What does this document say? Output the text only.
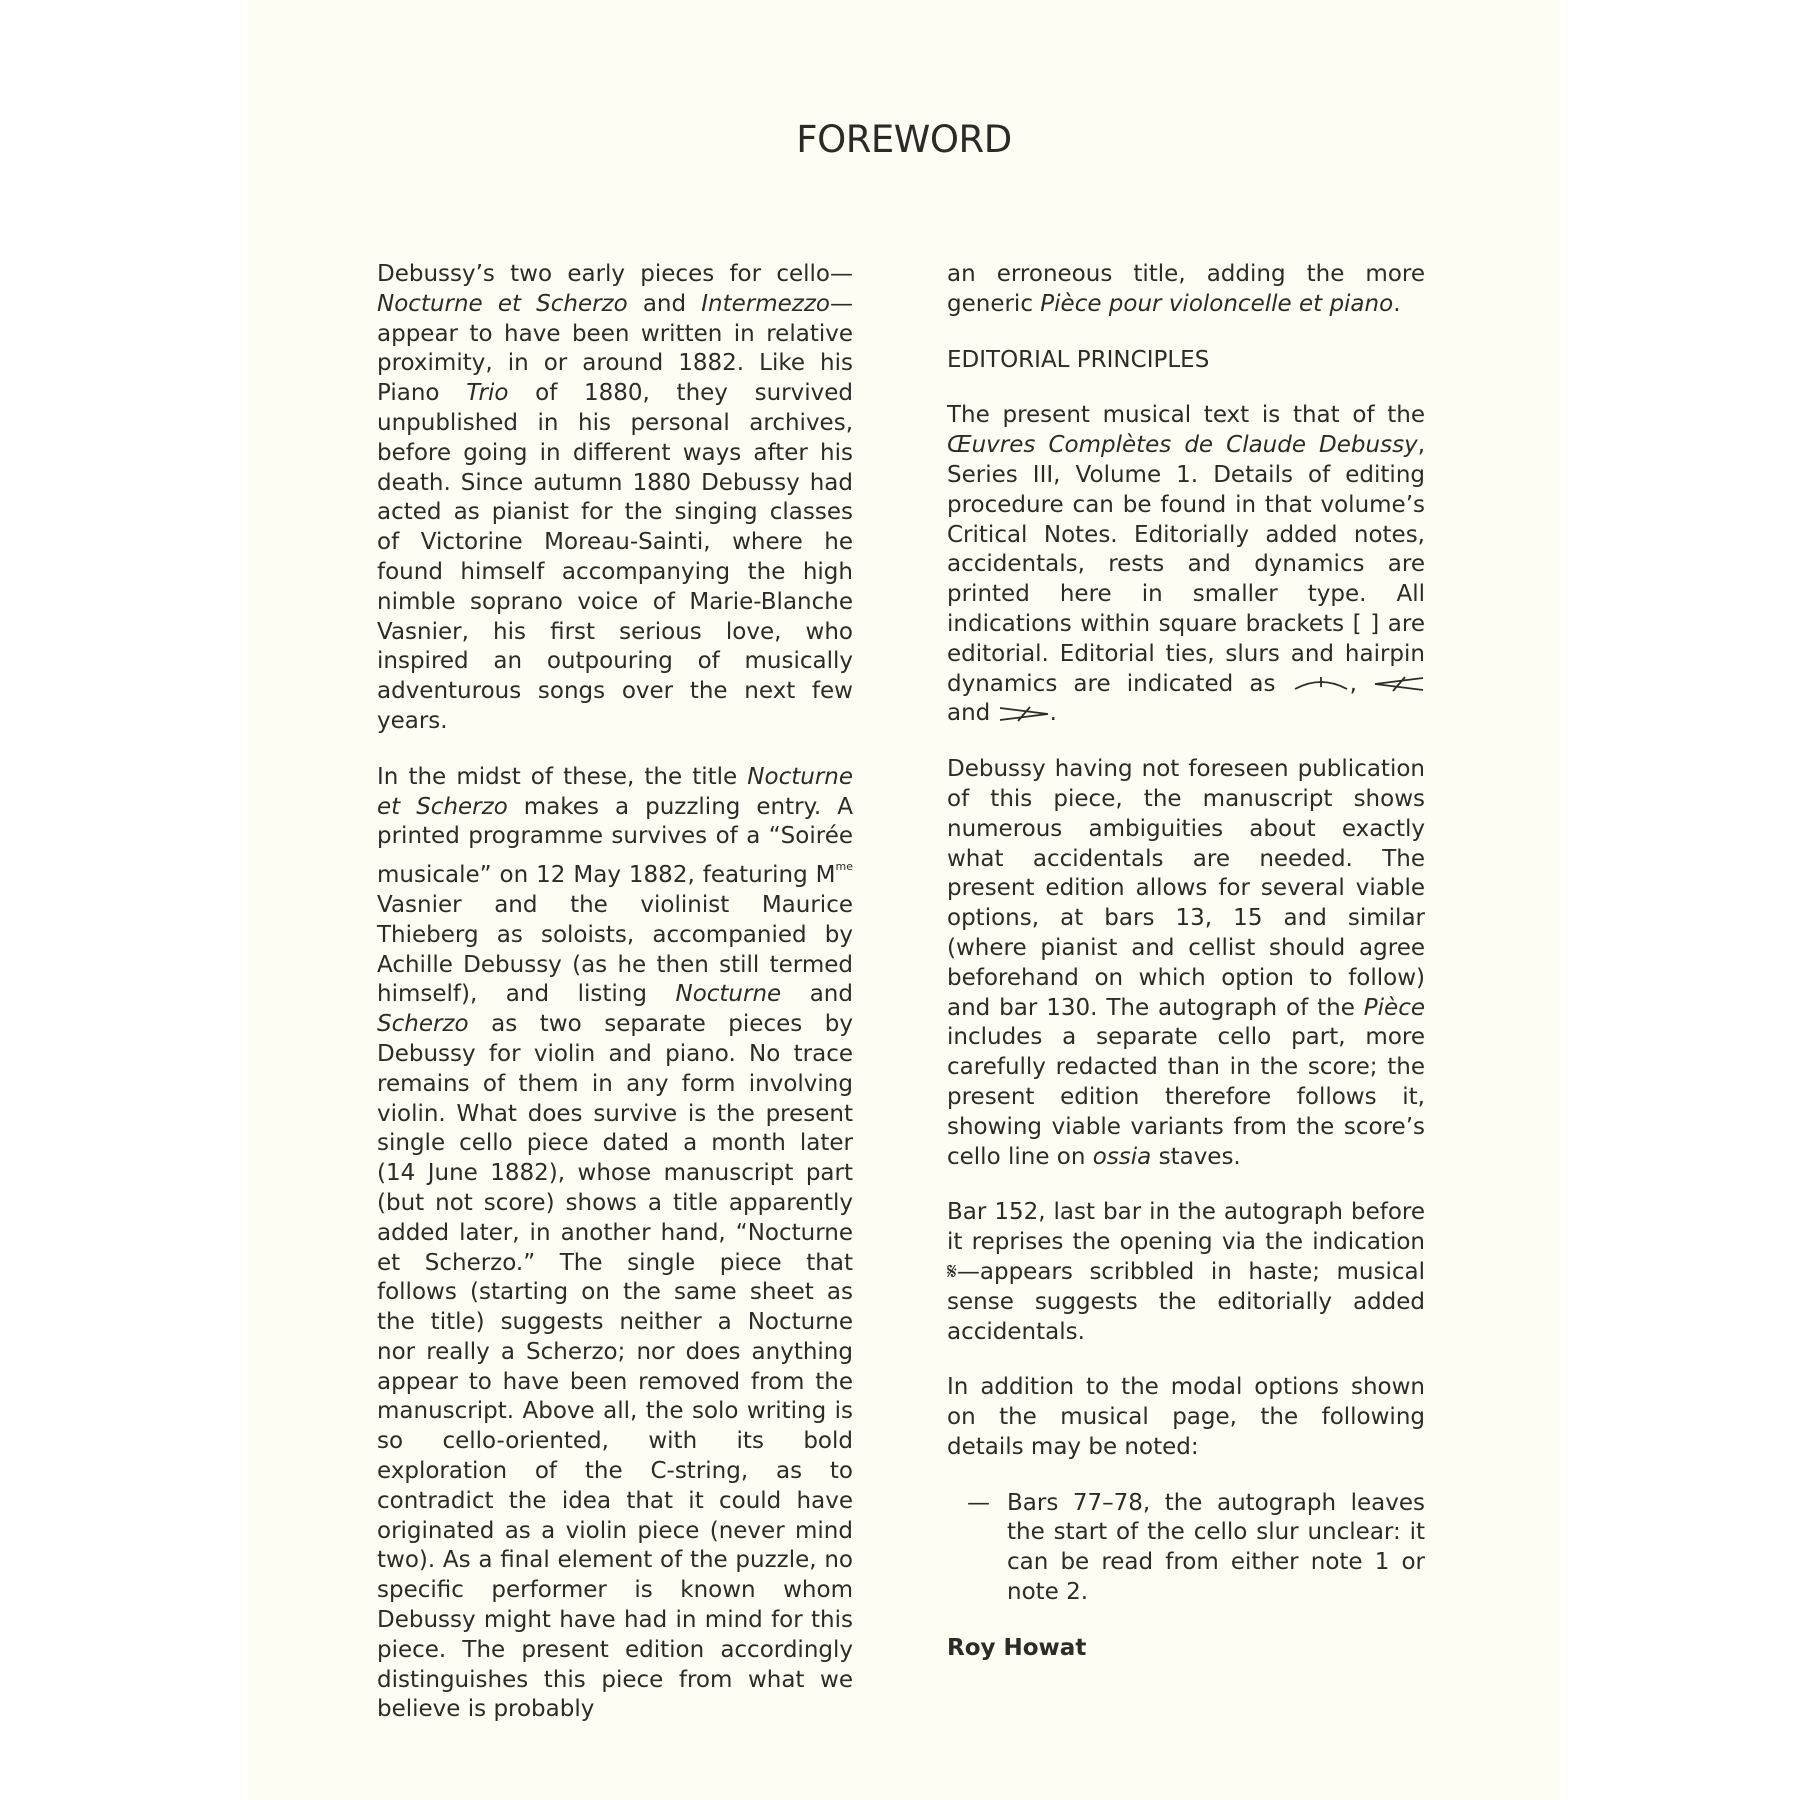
FOREWORD

Debussy’s two early pieces for cello—Nocturne et Scherzo and Intermezzo—appear to have been written in relative proximity, in or around 1882. Like his Piano Trio of 1880, they survived unpublished in his personal archives, before going in different ways after his death. Since autumn 1880 Debussy had acted as pianist for the singing classes of Victorine Moreau-Sainti, where he found himself accompanying the high nimble soprano voice of Marie-Blanche Vasnier, his first serious love, who inspired an outpouring of musically adventurous songs over the next few years.

In the midst of these, the title Nocturne et Scherzo makes a puzzling entry. A printed programme survives of a “Soirée musicale” on 12 May 1882, featuring $M^{me}$ Vasnier and the violinist Maurice Thieberg as soloists, accompanied by Achille Debussy (as he then still termed himself), and listing Nocturne and Scherzo as two separate pieces by Debussy for violin and piano. No trace remains of them in any form involving violin. What does survive is the present single cello piece dated a month later (14 June 1882), whose manuscript part (but not score) shows a title apparently added later, in another hand, “Nocturne et Scherzo.” The single piece that follows (starting on the same sheet as the title) suggests neither a Nocturne nor really a Scherzo; nor does anything appear to have been removed from the manuscript. Above all, the solo writing is so cello-oriented, with its bold exploration of the C-string, as to contradict the idea that it could have originated as a violin piece (never mind two). As a final element of the puzzle, no specific performer is known whom Debussy might have had in mind for this piece. The present edition accordingly distinguishes this piece from what we believe is probably

an erroneous title, adding the more generic Pièce pour violoncelle et piano.

EDITORIAL PRINCIPLES

The present musical text is that of the Œuvres Complètes de Claude Debussy, Series III, Volume 1. Details of editing procedure can be found in that volume’s Critical Notes. Editorially added notes, accidentals, rests and dynamics are printed here in smaller type. All indications within square brackets [ ] are editorial. Editorial ties, slurs and hairpin dynamics are indicated as	,  and .

Debussy having not foreseen publication of this piece, the manuscript shows numerous ambiguities about exactly what accidentals are needed. The present edition allows for several viable options, at bars 13, 15 and similar (where pianist and cellist should agree beforehand on which option to follow) and bar 130. The autograph of the Pièce includes a separate cello part, more carefully redacted than in the score; the present edition therefore follows it, showing viable variants from the score’s cello line on ossia staves.

Bar 152, last bar in the autograph before it reprises the opening via the indication 𝄋—appears scribbled in haste; musical sense suggests the editorially added accidentals.

In addition to the modal options shown on the musical page, the following details may be noted:

— Bars 77–78, the autograph leaves the start of the cello slur unclear: it can be read from either note 1 or note 2.

Roy Howat
